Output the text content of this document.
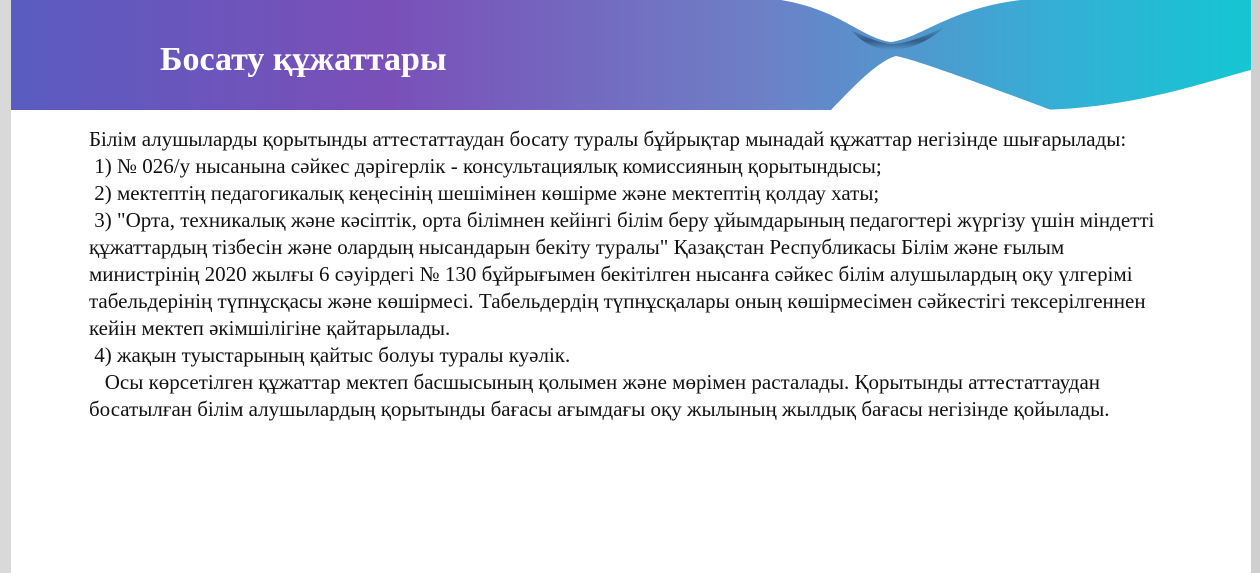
Босату құжаттары

Білім алушыларды қорытынды аттестаттаудан босату туралы бұйрықтар мынадай құжаттар негізінде шығарылады:

1) № 026/у нысанына сәйкес дәрігерлік - консультациялық комиссияның қорытындысы;

2) мектептің педагогикалық кеңесінің шешімінен көшірме және мектептің қолдау хаты;

3) "Орта, техникалық және кәсіптік, орта білімнен кейінгі білім беру ұйымдарының педагогтері жүргізу үшін міндетті құжаттардың тізбесін және олардың нысандарын бекіту туралы" Қазақстан Республикасы Білім және ғылым министрінің 2020 жылғы 6 сәуірдегі № 130 бұйрығымен бекітілген нысанға сәйкес білім алушылардың оқу үлгерімі табельдерінің түпнұсқасы және көшірмесі. Табельдердің түпнұсқалары оның көшірмесімен сәйкестігі тексерілгеннен кейін мектеп әкімшілігіне қайтарылады.

4) жақын туыстарының қайтыс болуы туралы куәлік.

Осы көрсетілген құжаттар мектеп басшысының қолымен және мөрімен расталады. Қорытынды аттестаттаудан босатылған білім алушылардың қорытынды бағасы ағымдағы оқу жылының жылдық бағасы негізінде қойылады.
